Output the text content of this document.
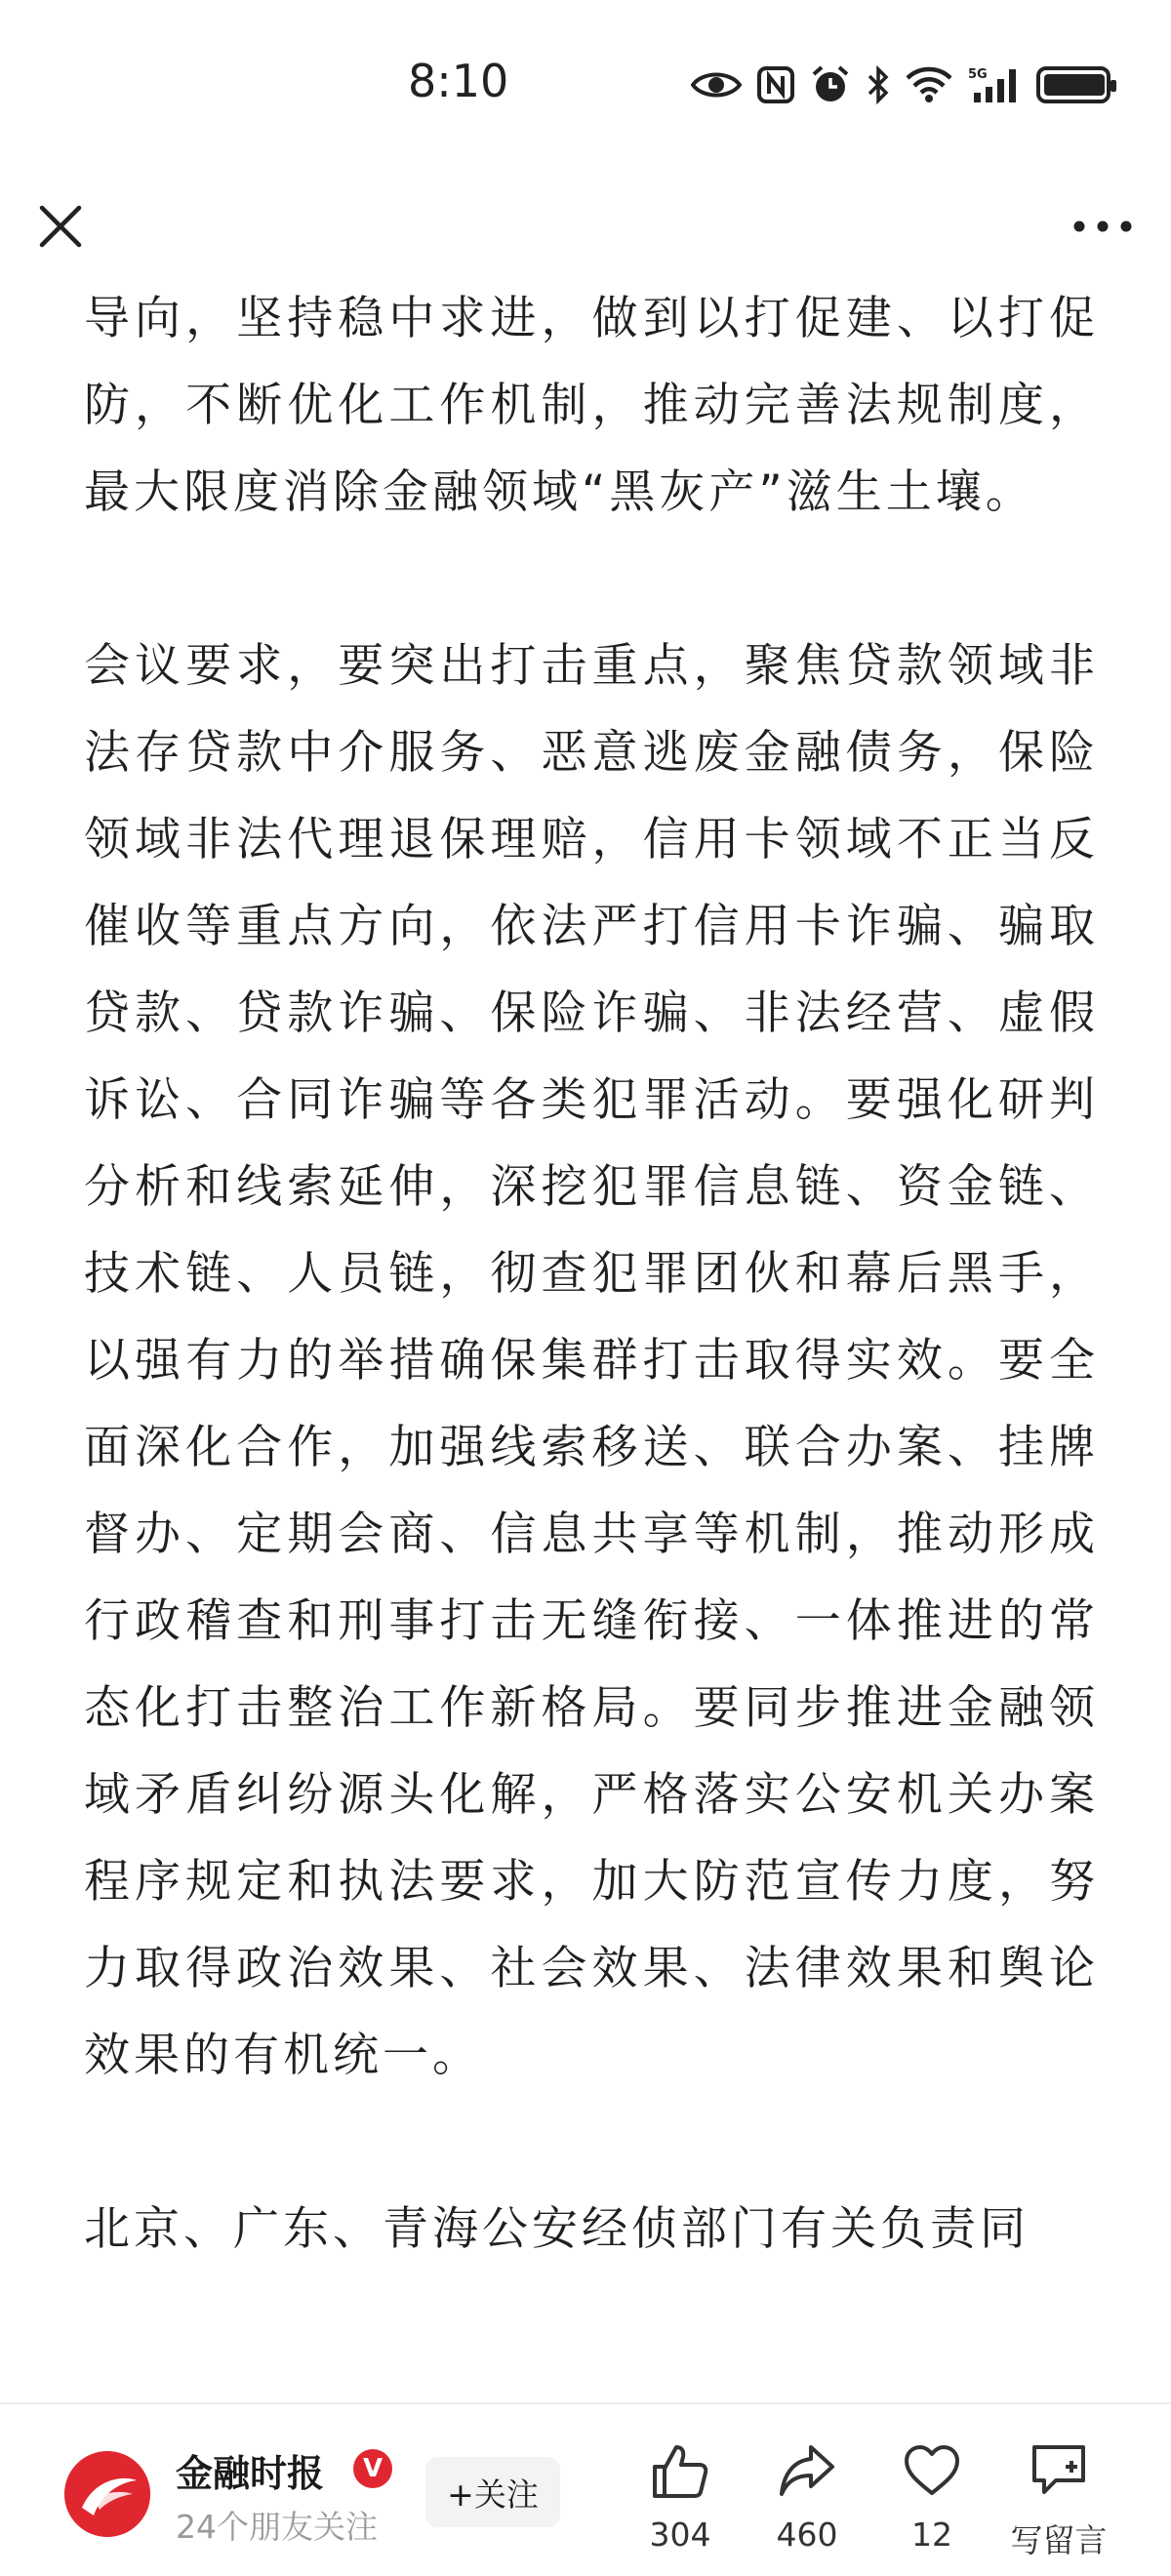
8:10	5G

导向，坚持稳中求进，做到以打促建、以打促防，不断优化工作机制，推动完善法规制度，最大限度消除金融领域“黑灰产”滋生土壤。

会议要求，要突出打击重点，聚焦贷款领域非法存贷款中介服务、恶意逃废金融债务，保险领域非法代理退保理赔，信用卡领域不正当反催收等重点方向，依法严打信用卡诈骗、骗取贷款、贷款诈骗、保险诈骗、非法经营、虚假诉讼、合同诈骗等各类犯罪活动。要强化研判分析和线索延伸，深挖犯罪信息链、资金链、技术链、人员链，彻查犯罪团伙和幕后黑手，以强有力的举措确保集群打击取得实效。要全面深化合作，加强线索移送、联合办案、挂牌督办、定期会商、信息共享等机制，推动形成行政稽查和刑事打击无缝衔接、一体推进的常态化打击整治工作新格局。要同步推进金融领域矛盾纠纷源头化解，严格落实公安机关办案程序规定和执法要求，加大防范宣传力度，努力取得政治效果、社会效果、法律效果和舆论效果的有机统一。

北京、广东、青海公安经侦部门有关负责同

金融时报	V
24个朋友关注
+关注
304 460 12 写留言
